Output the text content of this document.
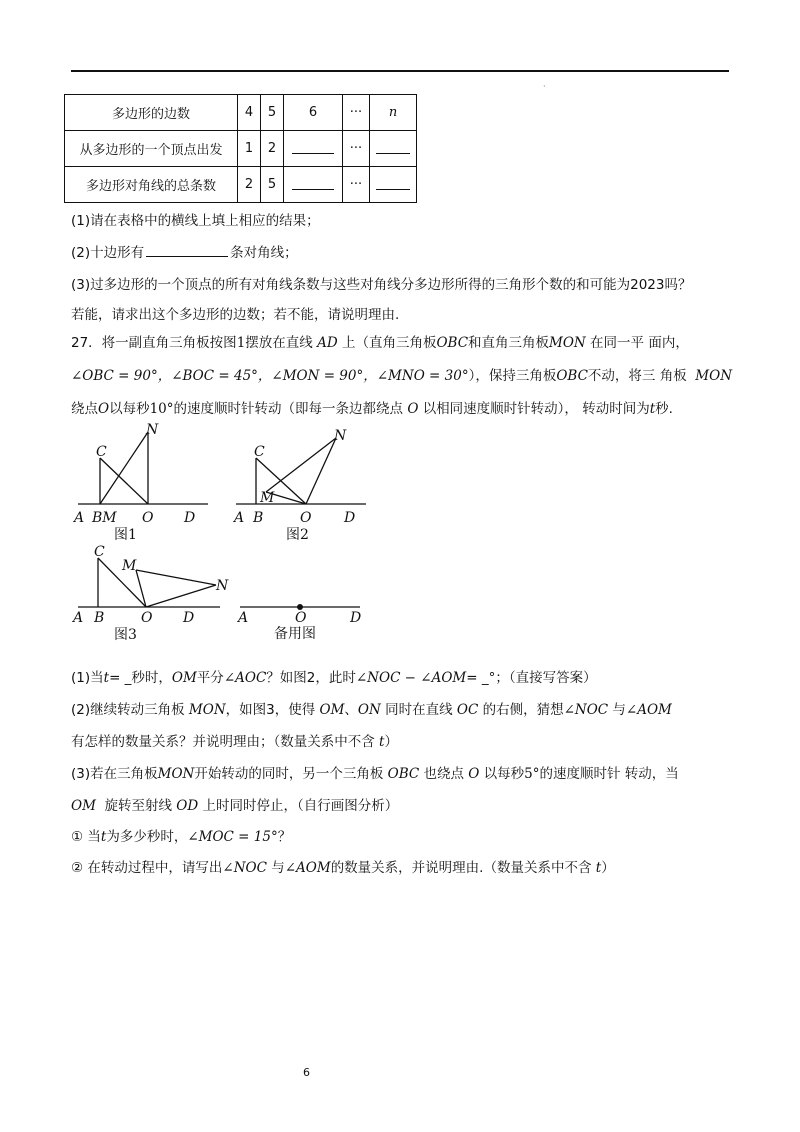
·
多边形的边数	4	5	6	···	n
从多边形的一个顶点出发	1	2		···	
多边形对角线的总条数	2	5		···	
(1)请在表格中的横线上填上相应的结果；
(2)十边形有	条对角线；
(3)过多边形的一个顶点的所有对角线条数与这些对角线分多边形所得的三角形个数的和可能为2023吗？
若能，请求出这个多边形的边数；若不能，请说明理由.
27．将一副直角三角板按图1摆放在直线 AD 上（直角三角板OBC和直角三角板MON 在同一平 面内，
∠OBC = 90°，∠BOC = 45°，∠MON = 90°，∠MNO = 30°），保持三角板OBC不动，将三 角板 MON
绕点O以每秒10°的速度顺时针转动（即每一条边都绕点 O 以相同速度顺时针转动）， 转动时间为t秒.
C
N
A BM O D
图1
C
N
M
A B	O D
图2
C
M
N
A B	O D
图3
A	O	D
备用图
(1)当t= _秒时，OM平分∠AOC？如图2，此时∠NOC − ∠AOM= _°；（直接写答案）
(2)继续转动三角板 MON，如图3，使得 OM、ON 同时在直线 OC 的右侧，猜想∠NOC 与∠AOM
有怎样的数量关系？并说明理由；（数量关系中不含 t）
(3)若在三角板MON开始转动的同时，另一个三角板 OBC 也绕点 O 以每秒5°的速度顺时针 转动，当
OM 旋转至射线 OD 上时同时停止，（自行画图分析）
① 当t为多少秒时，∠MOC = 15°？
② 在转动过程中，请写出∠NOC 与∠AOM的数量关系，并说明理由.（数量关系中不含 t）
6
